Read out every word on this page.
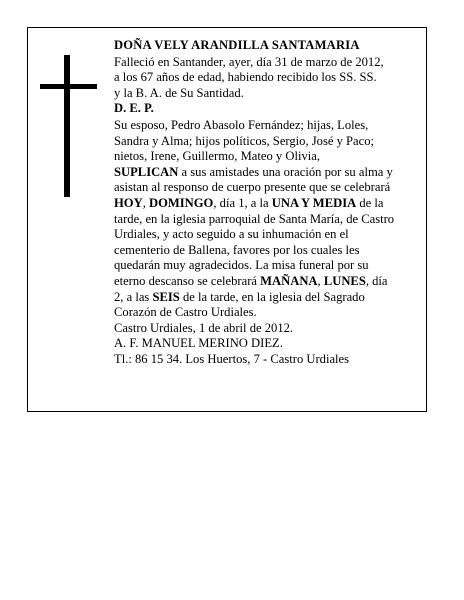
DOÑA VELY ARANDILLA SANTAMARIA

Falleció en Santander, ayer, día 31 de marzo de 2012,
a los 67 años de edad, habiendo recibido los SS. SS.
y la B. A. de Su Santidad.

D. E. P.

Su esposo, Pedro Abasolo Fernández; hijas, Loles,
Sandra y Alma; hijos políticos, Sergio, José y Paco;
nietos, Irene, Guillermo, Mateo y Olivia,

SUPLICAN a sus amistades una oración por su alma y
asistan al responso de cuerpo presente que se celebrará
HOY, DOMINGO, día 1, a la UNA Y MEDIA de la
tarde, en la iglesia parroquial de Santa María, de Castro
Urdiales, y acto seguido a su inhumación en el
cementerio de Ballena, favores por los cuales les
quedarán muy agradecidos. La misa funeral por su
eterno descanso se celebrará MAÑANA, LUNES, día
2, a las SEIS de la tarde, en la iglesia del Sagrado
Corazón de Castro Urdiales.

Castro Urdiales, 1 de abril de 2012.

A. F. MANUEL MERINO DIEZ.

Tl.: 86 15 34. Los Huertos, 7 - Castro Urdiales
